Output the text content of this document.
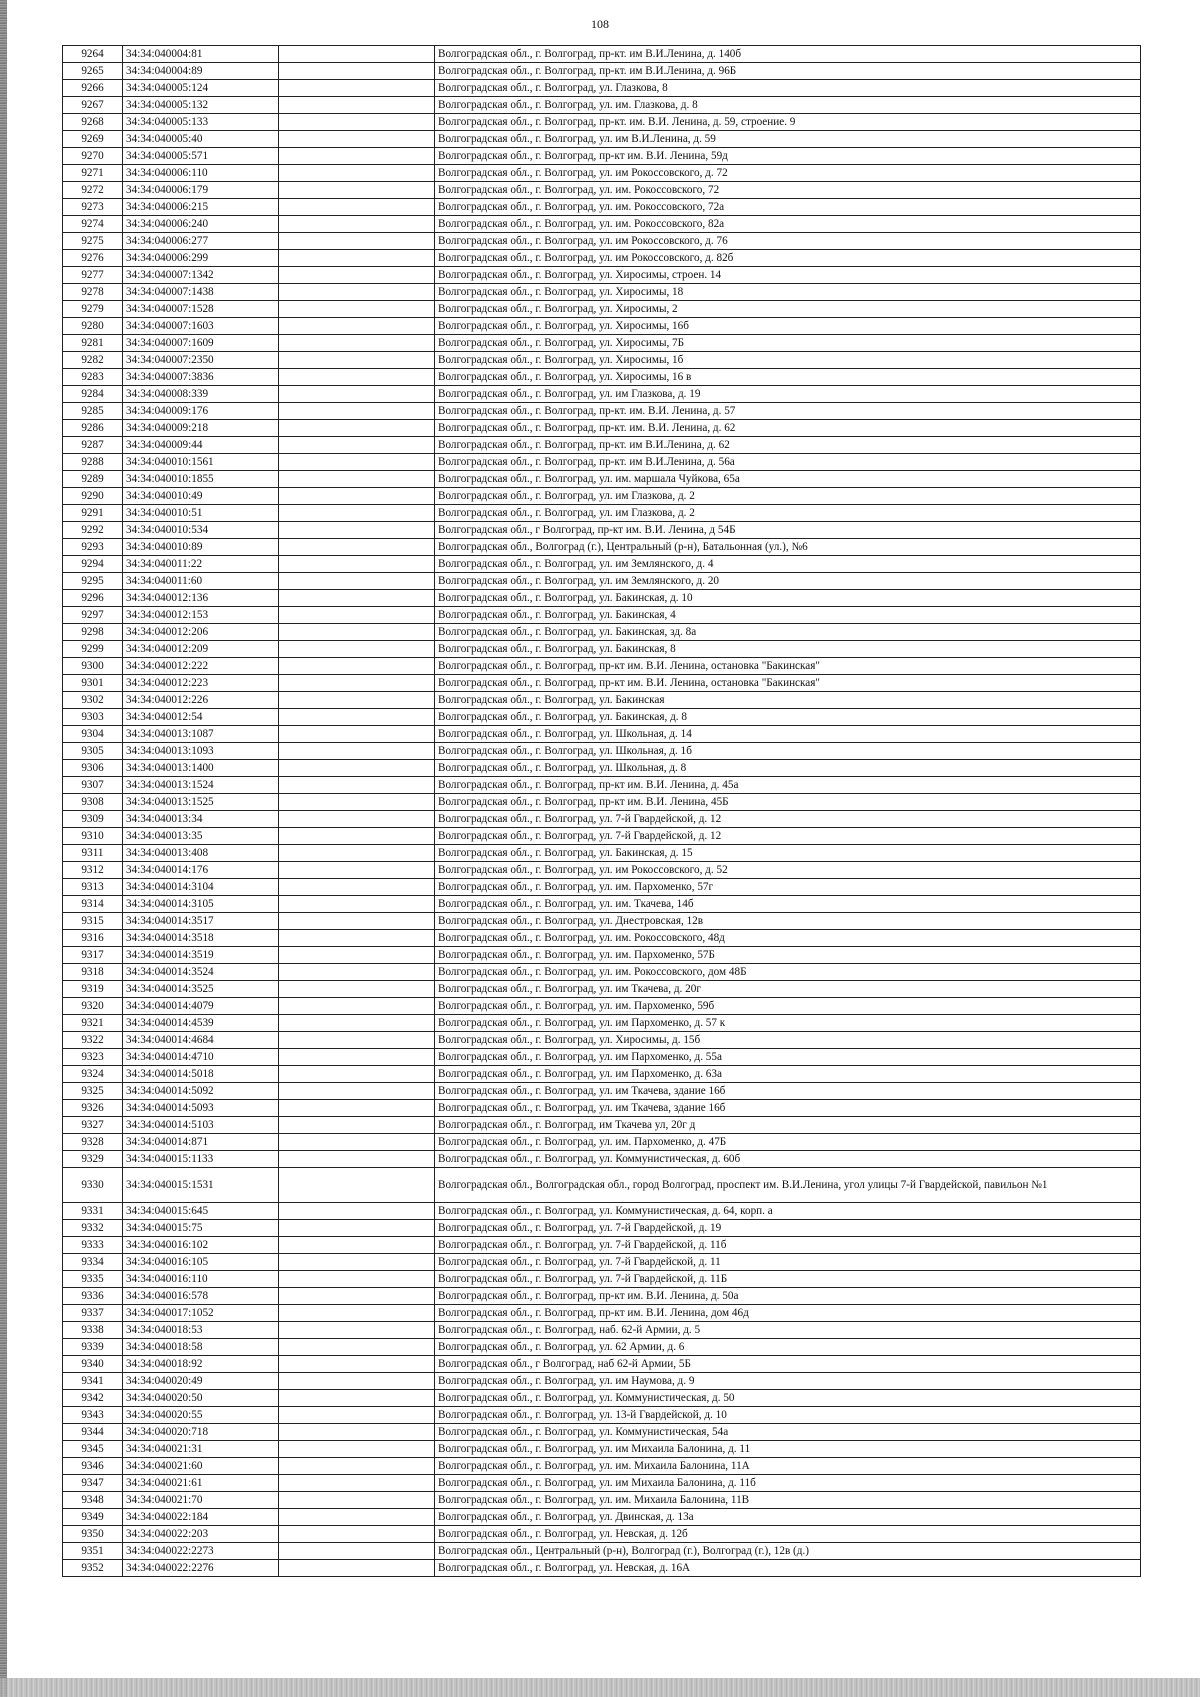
108
9264	34:34:040004:81		Волгоградская обл., г. Волгоград, пр-кт. им В.И.Ленина, д. 140б
9265	34:34:040004:89		Волгоградская обл., г. Волгоград, пр-кт. им В.И.Ленина, д. 96Б
9266	34:34:040005:124		Волгоградская обл., г. Волгоград, ул. Глазкова, 8
9267	34:34:040005:132		Волгоградская обл., г. Волгоград, ул. им. Глазкова, д. 8
9268	34:34:040005:133		Волгоградская обл., г. Волгоград, пр-кт. им. В.И. Ленина, д. 59, строение. 9
9269	34:34:040005:40		Волгоградская обл., г. Волгоград, ул. им В.И.Ленина, д. 59
9270	34:34:040005:571		Волгоградская обл., г. Волгоград, пр-кт им. В.И. Ленина, 59д
9271	34:34:040006:110		Волгоградская обл., г. Волгоград, ул. им Рокоссовского, д. 72
9272	34:34:040006:179		Волгоградская обл., г. Волгоград, ул. им. Рокоссовского, 72
9273	34:34:040006:215		Волгоградская обл., г. Волгоград, ул. им. Рокоссовского, 72а
9274	34:34:040006:240		Волгоградская обл., г. Волгоград, ул. им. Рокоссовского, 82а
9275	34:34:040006:277		Волгоградская обл., г. Волгоград, ул. им Рокоссовского, д. 76
9276	34:34:040006:299		Волгоградская обл., г. Волгоград, ул. им Рокоссовского, д. 82б
9277	34:34:040007:1342		Волгоградская обл., г. Волгоград, ул. Хиросимы, строен. 14
9278	34:34:040007:1438		Волгоградская обл., г. Волгоград, ул. Хиросимы, 18
9279	34:34:040007:1528		Волгоградская обл., г. Волгоград, ул. Хиросимы, 2
9280	34:34:040007:1603		Волгоградская обл., г. Волгоград, ул. Хиросимы, 16б
9281	34:34:040007:1609		Волгоградская обл., г. Волгоград, ул. Хиросимы, 7Б
9282	34:34:040007:2350		Волгоградская обл., г. Волгоград, ул. Хиросимы, 1б
9283	34:34:040007:3836		Волгоградская обл., г. Волгоград, ул. Хиросимы, 16 в
9284	34:34:040008:339		Волгоградская обл., г. Волгоград, ул. им Глазкова, д. 19
9285	34:34:040009:176		Волгоградская обл., г. Волгоград, пр-кт. им. В.И. Ленина, д. 57
9286	34:34:040009:218		Волгоградская обл., г. Волгоград, пр-кт. им. В.И. Ленина, д. 62
9287	34:34:040009:44		Волгоградская обл., г. Волгоград, пр-кт. им В.И.Ленина, д. 62
9288	34:34:040010:1561		Волгоградская обл., г. Волгоград, пр-кт. им В.И.Ленина, д. 56а
9289	34:34:040010:1855		Волгоградская обл., г. Волгоград, ул. им. маршала Чуйкова, 65а
9290	34:34:040010:49		Волгоградская обл., г. Волгоград, ул. им Глазкова, д. 2
9291	34:34:040010:51		Волгоградская обл., г. Волгоград, ул. им Глазкова, д. 2
9292	34:34:040010:534		Волгоградская обл., г Волгоград, пр-кт им. В.И. Ленина, д 54Б
9293	34:34:040010:89		Волгоградская обл., Волгоград (г.), Центральный (р-н), Батальонная (ул.), №6
9294	34:34:040011:22		Волгоградская обл., г. Волгоград, ул. им Землянского, д. 4
9295	34:34:040011:60		Волгоградская обл., г. Волгоград, ул. им Землянского, д. 20
9296	34:34:040012:136		Волгоградская обл., г. Волгоград, ул. Бакинская, д. 10
9297	34:34:040012:153		Волгоградская обл., г. Волгоград, ул. Бакинская, 4
9298	34:34:040012:206		Волгоградская обл., г. Волгоград, ул. Бакинская, зд. 8а
9299	34:34:040012:209		Волгоградская обл., г. Волгоград, ул. Бакинская, 8
9300	34:34:040012:222		Волгоградская обл., г. Волгоград, пр-кт им. В.И. Ленина, остановка "Бакинская"
9301	34:34:040012:223		Волгоградская обл., г. Волгоград, пр-кт им. В.И. Ленина, остановка "Бакинская"
9302	34:34:040012:226		Волгоградская обл., г. Волгоград, ул. Бакинская
9303	34:34:040012:54		Волгоградская обл., г. Волгоград, ул. Бакинская, д. 8
9304	34:34:040013:1087		Волгоградская обл., г. Волгоград, ул. Школьная, д. 14
9305	34:34:040013:1093		Волгоградская обл., г. Волгоград, ул. Школьная, д. 1б
9306	34:34:040013:1400		Волгоградская обл., г. Волгоград, ул. Школьная, д. 8
9307	34:34:040013:1524		Волгоградская обл., г. Волгоград, пр-кт им. В.И. Ленина, д. 45а
9308	34:34:040013:1525		Волгоградская обл., г. Волгоград, пр-кт им. В.И. Ленина, 45Б
9309	34:34:040013:34		Волгоградская обл., г. Волгоград, ул. 7-й Гвардейской, д. 12
9310	34:34:040013:35		Волгоградская обл., г. Волгоград, ул. 7-й Гвардейской, д. 12
9311	34:34:040013:408		Волгоградская обл., г. Волгоград, ул. Бакинская, д. 15
9312	34:34:040014:176		Волгоградская обл., г. Волгоград, ул. им Рокоссовского, д. 52
9313	34:34:040014:3104		Волгоградская обл., г. Волгоград, ул. им. Пархоменко, 57г
9314	34:34:040014:3105		Волгоградская обл., г. Волгоград, ул. им. Ткачева, 14б
9315	34:34:040014:3517		Волгоградская обл., г. Волгоград, ул. Днестровская, 12в
9316	34:34:040014:3518		Волгоградская обл., г. Волгоград, ул. им. Рокоссовского, 48д
9317	34:34:040014:3519		Волгоградская обл., г. Волгоград, ул. им. Пархоменко, 57Б
9318	34:34:040014:3524		Волгоградская обл., г. Волгоград, ул. им. Рокоссовского, дом 48Б
9319	34:34:040014:3525		Волгоградская обл., г. Волгоград, ул. им Ткачева, д. 20г
9320	34:34:040014:4079		Волгоградская обл., г. Волгоград, ул. им. Пархоменко, 59б
9321	34:34:040014:4539		Волгоградская обл., г. Волгоград, ул. им Пархоменко, д. 57 к
9322	34:34:040014:4684		Волгоградская обл., г. Волгоград, ул. Хиросимы, д. 15б
9323	34:34:040014:4710		Волгоградская обл., г. Волгоград, ул. им Пархоменко, д. 55а
9324	34:34:040014:5018		Волгоградская обл., г. Волгоград, ул. им Пархоменко, д. 63а
9325	34:34:040014:5092		Волгоградская обл., г. Волгоград, ул. им Ткачева, здание 16б
9326	34:34:040014:5093		Волгоградская обл., г. Волгоград, ул. им Ткачева, здание 16б
9327	34:34:040014:5103		Волгоградская обл., г. Волгоград, им Ткачева ул, 20г д
9328	34:34:040014:871		Волгоградская обл., г. Волгоград, ул. им. Пархоменко, д. 47Б
9329	34:34:040015:1133		Волгоградская обл., г. Волгоград, ул. Коммунистическая, д. 60б
9330	34:34:040015:1531		Волгоградская обл., Волгоградская обл., город Волгоград, проспект им. В.И.Ленина, угол улицы 7-й Гвардейской, павильон №1
9331	34:34:040015:645		Волгоградская обл., г. Волгоград, ул. Коммунистическая, д. 64, корп. а
9332	34:34:040015:75		Волгоградская обл., г. Волгоград, ул. 7-й Гвардейской, д. 19
9333	34:34:040016:102		Волгоградская обл., г. Волгоград, ул. 7-й Гвардейской, д. 11б
9334	34:34:040016:105		Волгоградская обл., г. Волгоград, ул. 7-й Гвардейской, д. 11
9335	34:34:040016:110		Волгоградская обл., г. Волгоград, ул. 7-й Гвардейской, д. 11Б
9336	34:34:040016:578		Волгоградская обл., г. Волгоград, пр-кт им. В.И. Ленина, д. 50а
9337	34:34:040017:1052		Волгоградская обл., г. Волгоград, пр-кт им. В.И. Ленина, дом 46д
9338	34:34:040018:53		Волгоградская обл., г. Волгоград, наб. 62-й Армии, д. 5
9339	34:34:040018:58		Волгоградская обл., г. Волгоград, ул. 62 Армии, д. 6
9340	34:34:040018:92		Волгоградская обл., г Волгоград, наб 62-й Армии, 5Б
9341	34:34:040020:49		Волгоградская обл., г. Волгоград, ул. им Наумова, д. 9
9342	34:34:040020:50		Волгоградская обл., г. Волгоград, ул. Коммунистическая, д. 50
9343	34:34:040020:55		Волгоградская обл., г. Волгоград, ул. 13-й Гвардейской, д. 10
9344	34:34:040020:718		Волгоградская обл., г. Волгоград, ул. Коммунистическая, 54а
9345	34:34:040021:31		Волгоградская обл., г. Волгоград, ул. им Михаила Балонина, д. 11
9346	34:34:040021:60		Волгоградская обл., г. Волгоград, ул. им. Михаила Балонина, 11А
9347	34:34:040021:61		Волгоградская обл., г. Волгоград, ул. им Михаила Балонина, д. 11б
9348	34:34:040021:70		Волгоградская обл., г. Волгоград, ул. им. Михаила Балонина, 11В
9349	34:34:040022:184		Волгоградская обл., г. Волгоград, ул. Двинская, д. 13а
9350	34:34:040022:203		Волгоградская обл., г. Волгоград, ул. Невская, д. 12б
9351	34:34:040022:2273		Волгоградская обл., Центральный (р-н), Волгоград (г.), Волгоград (г.), 12в (д.)
9352	34:34:040022:2276		Волгоградская обл., г. Волгоград, ул. Невская, д. 16А
